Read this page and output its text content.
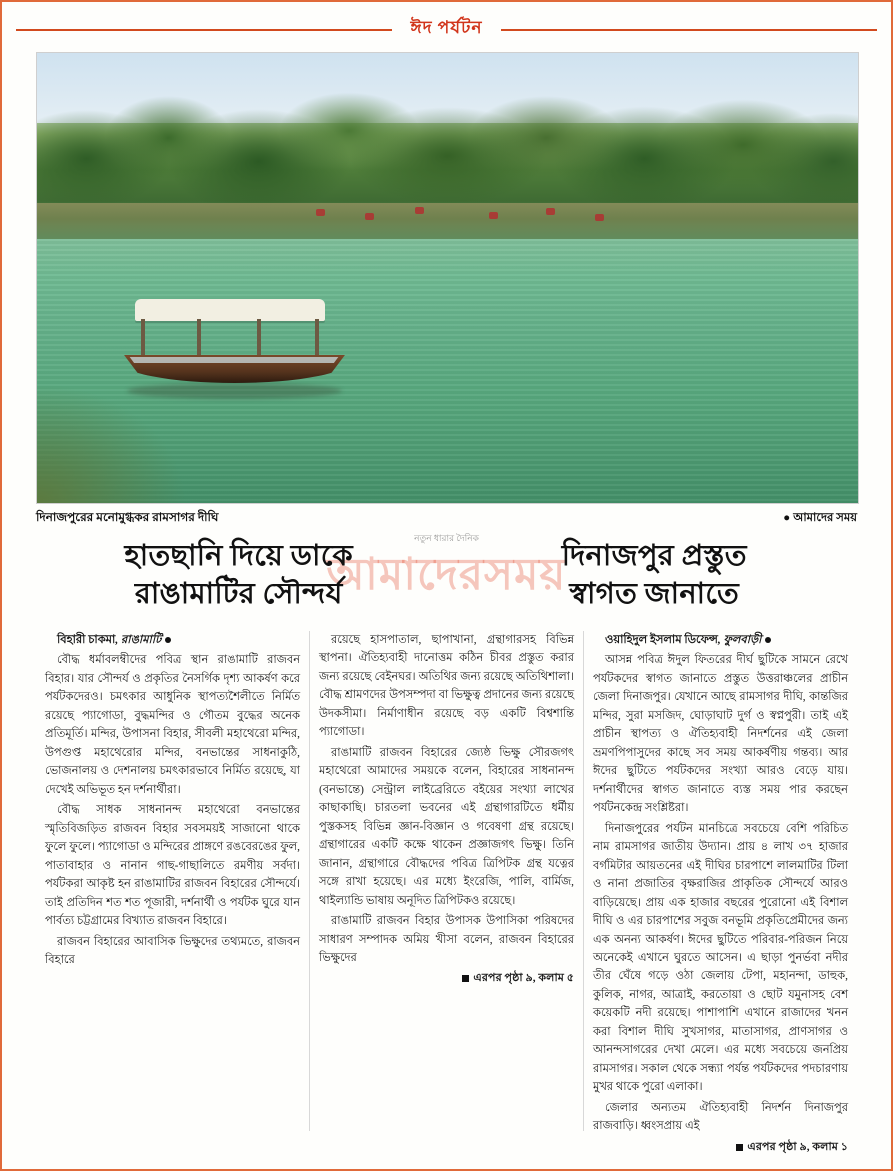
ঈদ পর্যটন
দিনাজপুরের মনোমুগ্ধকর রামসাগর দীঘি	● আমাদের সময়
নতুন ধারার দৈনিক
আমাদেরসময়
হাতছানি দিয়ে ডাকে
রাঙামাটির সৌন্দর্য
দিনাজপুর প্রস্তুত
স্বাগত জানাতে

বিহারী চাকমা, রাঙামাটি

বৌদ্ধ ধর্মাবলম্বীদের পবিত্র স্থান রাঙামাটি রাজবন বিহার। যার সৌন্দর্য ও প্রকৃতির নৈসর্গিক দৃশ্য আকর্ষণ করে পর্যটকদেরও। চমৎকার আধুনিক স্থাপত্যশৈলীতে নির্মিত রয়েছে প্যাগোডা, বুদ্ধমন্দির ও গৌতম বুদ্ধের অনেক প্রতিমূর্তি। মন্দির, উপাসনা বিহার, সীবলী মহাথেরো মন্দির, উপগুপ্ত মহাথেরোর মন্দির, বনভান্তের সাধনাকুঠি, ভোজনালয় ও দেশনালয় চমৎকারভাবে নির্মিত রয়েছে, যা দেখেই অভিভূত হন দর্শনার্থীরা।

বৌদ্ধ সাধক সাধনানন্দ মহাথেরো বনভান্তের স্মৃতিবিজড়িত রাজবন বিহার সবসময়ই সাজানো থাকে ফুলে ফুলে। প্যাগোডা ও মন্দিরের প্রাঙ্গণে রঙবেরঙের ফুল, পাতাবাহার ও নানান গাছ-গাছালিতে রমণীয় সর্বদা। পর্যটকরা আকৃষ্ট হন রাঙামাটির রাজবন বিহারের সৌন্দর্যে। তাই প্রতিদিন শত শত পূজারী, দর্শনার্থী ও পর্যটক ঘুরে যান পার্বত্য চট্টগ্রামের বিখ্যাত রাজবন বিহারে।

রাজবন বিহারের আবাসিক ভিক্ষুদের তথ্যমতে, রাজবন বিহারে

রয়েছে হাসপাতাল, ছাপাখানা, গ্রন্থাগারসহ বিভিন্ন স্থাপনা। ঐতিহ্যবাহী দানোত্তম কঠিন চীবর প্রস্তুত করার জন্য রয়েছে বেইনঘর। অতিথির জন্য রয়েছে অতিথিশালা। বৌদ্ধ শ্রামণদের উপসম্পদা বা ভিক্ষুত্ব প্রদানের জন্য রয়েছে উদকসীমা। নির্মাণাধীন রয়েছে বড় একটি বিশ্বশান্তি প্যাগোডা।

রাঙামাটি রাজবন বিহারের জ্যেষ্ঠ ভিক্ষু সৌরজগৎ মহাথেরো আমাদের সময়কে বলেন, বিহারের সাধনানন্দ (বনভান্তে) সেন্ট্রাল লাইব্রেরিতে বইয়ের সংখ্যা লাখের কাছাকাছি। চারতলা ভবনের এই গ্রন্থাগারটিতে ধর্মীয় পুস্তকসহ বিভিন্ন জ্ঞান-বিজ্ঞান ও গবেষণা গ্রন্থ রয়েছে। গ্রন্থাগারের একটি কক্ষে থাকেন প্রজ্ঞাজগৎ ভিক্ষু। তিনি জানান, গ্রন্থাগারে বৌদ্ধদের পবিত্র ত্রিপিটক গ্রন্থ যত্নের সঙ্গে রাখা হয়েছে। এর মধ্যে ইংরেজি, পালি, বার্মিজ, থাইল্যান্ডি ভাষায় অনূদিত ত্রিপিটকও রয়েছে।

রাঙামাটি রাজবন বিহার উপাসক উপাসিকা পরিষদের সাধারণ সম্পাদক অমিয় খীসা বলেন, রাজবন বিহারের ভিক্ষুদের

এরপর পৃষ্ঠা ৯, কলাম ৫

ওয়াহিদুল ইসলাম ডিফেন্স, ফুলবাড়ী

আসন্ন পবিত্র ঈদুল ফিতরের দীর্ঘ ছুটিকে সামনে রেখে পর্যটকদের স্বাগত জানাতে প্রস্তুত উত্তরাঞ্চলের প্রাচীন জেলা দিনাজপুর। যেখানে আছে রামসাগর দীঘি, কান্তজির মন্দির, সুরা মসজিদ, ঘোড়াঘাট দুর্গ ও স্বপ্নপুরী। তাই এই প্রাচীন স্থাপত্য ও ঐতিহ্যবাহী নিদর্শনের এই জেলা ভ্রমণপিপাসুদের কাছে সব সময় আকর্ষণীয় গন্তব্য। আর ঈদের ছুটিতে পর্যটকদের সংখ্যা আরও বেড়ে যায়। দর্শনার্থীদের স্বাগত জানাতে ব্যস্ত সময় পার করছেন পর্যটনকেন্দ্র সংশ্লিষ্টরা।

দিনাজপুরের পর্যটন মানচিত্রে সবচেয়ে বেশি পরিচিত নাম রামসাগর জাতীয় উদ্যান। প্রায় ৪ লাখ ৩৭ হাজার বর্গমিটার আয়তনের এই দীঘির চারপাশে লালমাটির টিলা ও নানা প্রজাতির বৃক্ষরাজির প্রাকৃতিক সৌন্দর্যে আরও বাড়িয়েছে। প্রায় এক হাজার বছরের পুরোনো এই বিশাল দীঘি ও এর চারপাশের সবুজ বনভূমি প্রকৃতিপ্রেমীদের জন্য এক অনন্য আকর্ষণ। ঈদের ছুটিতে পরিবার-পরিজন নিয়ে অনেকেই এখানে ঘুরতে আসেন। এ ছাড়া পুনর্ভবা নদীর তীর ঘেঁষে গড়ে ওঠা জেলায় টেপা, মহানন্দা, ডাহুক, কুলিক, নাগর, আত্রাই, করতোয়া ও ছোট যমুনাসহ বেশ কয়েকটি নদী রয়েছে। পাশাপাশি এখানে রাজাদের খনন করা বিশাল দীঘি সুখসাগর, মাতাসাগর, প্রাণসাগর ও আনন্দসাগরের দেখা মেলে। এর মধ্যে সবচেয়ে জনপ্রিয় রামসাগর। সকাল থেকে সন্ধ্যা পর্যন্ত পর্যটকদের পদচারণায় মুখর থাকে পুরো এলাকা।

জেলার অন্যতম ঐতিহ্যবাহী নিদর্শন দিনাজপুর রাজবাড়ি। ধ্বংসপ্রায় এই

এরপর পৃষ্ঠা ৯, কলাম ১
